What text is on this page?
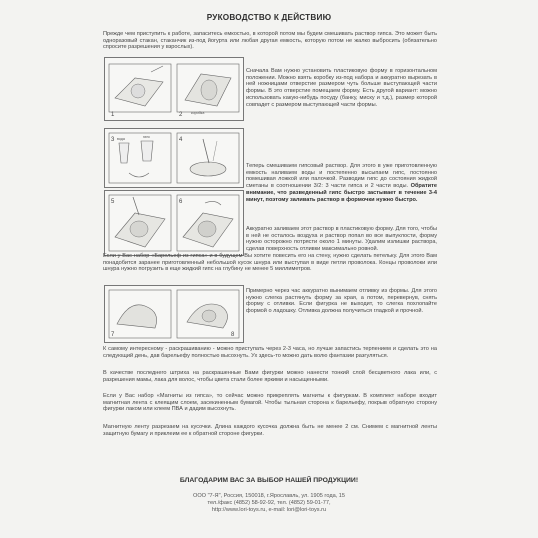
РУКОВОДСТВО К ДЕЙСТВИЮ

Прежде чем приступить к работе, запаситесь емкостью, в которой потом мы будем смешивать раствор гипса. Это может быть одноразовый стакан, стаканчик из-под йогурта или любая другая емкость, которую потом не жалко выбросить (обязательно спросите разрешения у взрослых).

1	коробка
2

Сначала Вам нужно установить пластиковую форму в горизонтальном положении. Можно взять коробку из-под набора и аккуратно вырезать в ней ножницами отверстие размером чуть больше выступающей части формы. В это отверстие помещаем форму. Есть другой вариант: можно использовать какую-нибудь посуду (банку, миску и т.д.), размер которой совпадет с размером выступающей части формы.

вода	гипс
3	4

Теперь смешиваем гипсовый раствор. Для этого в уже приготовленную емкость наливаем воды и постепенно высыпаем гипс, постоянно помешивая ложкой или палочкой. Разводим гипс до состояния жидкой сметаны в соотношении 3/2: 3 части гипса и 2 части воды. Обратите внимание, что разведенный гипс быстро застывает в течение 3-4 минут, поэтому заливать раствор в формочки нужно быстро.

5	6

Аккуратно заливаем этот раствор в пластиковую форму. Для того, чтобы в ней не осталось воздуха и раствор попал во все выпуклости, форму нужно осторожно потрясти около 1 минуты. Удалим излишки раствора, сделав поверхность отливки максимально ровной.

Если у Вас набор «Барельеф из гипса» и в будущем Вы хотите повесить его на стену, нужно сделать петельку. Для этого Вам понадобится заранее приготовленный небольшой кусок шнура или выступая в виде петли проволока. Концы проволоки или шнура нужно погрузить в еще жидкий гипс на глубину не менее 5 миллиметров.

7	8

Примерно через час аккуратно вынимаем отливку из формы. Для этого нужно слегка растянуть форму за края, а потом, перевернув, снять форму с отливки. Если фигурка не выходит, то слегка похлопайте формой о ладошку. Отливка должна получиться гладкой и прочной.

К самому интересному - раскрашиванию - можно приступать через 2-3 часа, но лучше запастись терпением и сделать это на следующий день, дав барельефу полностью высохнуть. Ух здесь-то можно дать волю фантазии разгуляться.

В качестве последнего штриха на раскрашенные Вами фигурки можно нанести тонкий слой бесцветного лака или, с разрешения мамы, лака для волос, чтобы цвета стали более яркими и насыщенными.

Если у Вас набор «Магниты из гипса», то сейчас можно прикреплять магниты к фигуркам. В комплект наборе входит магнитная лента с клеящим слоем, засекиненным бумагой. Чтобы тыльная сторона к барельефу, покрыв обратную сторону фигурки лаком или клеем ПВА и дадим высохнуть.

Магнитную ленту разрезаем на кусочки. Длина каждого кусочка должна быть не менее 2 см. Снимем с магнитной ленты защитную бумагу и приклеим ее к обратной стороне фигурки.

БЛАГОДАРИМ ВАС ЗА ВЫБОР НАШЕЙ ПРОДУКЦИИ!
ООО "7-Я", Россия, 150018, г.Ярославль, ул. 1905 года, 15
тел./факс (4852) 58-92-92, тел. (4852) 59-01-77,
http://www.lori-toys.ru, e-mail: lori@lori-toys.ru
